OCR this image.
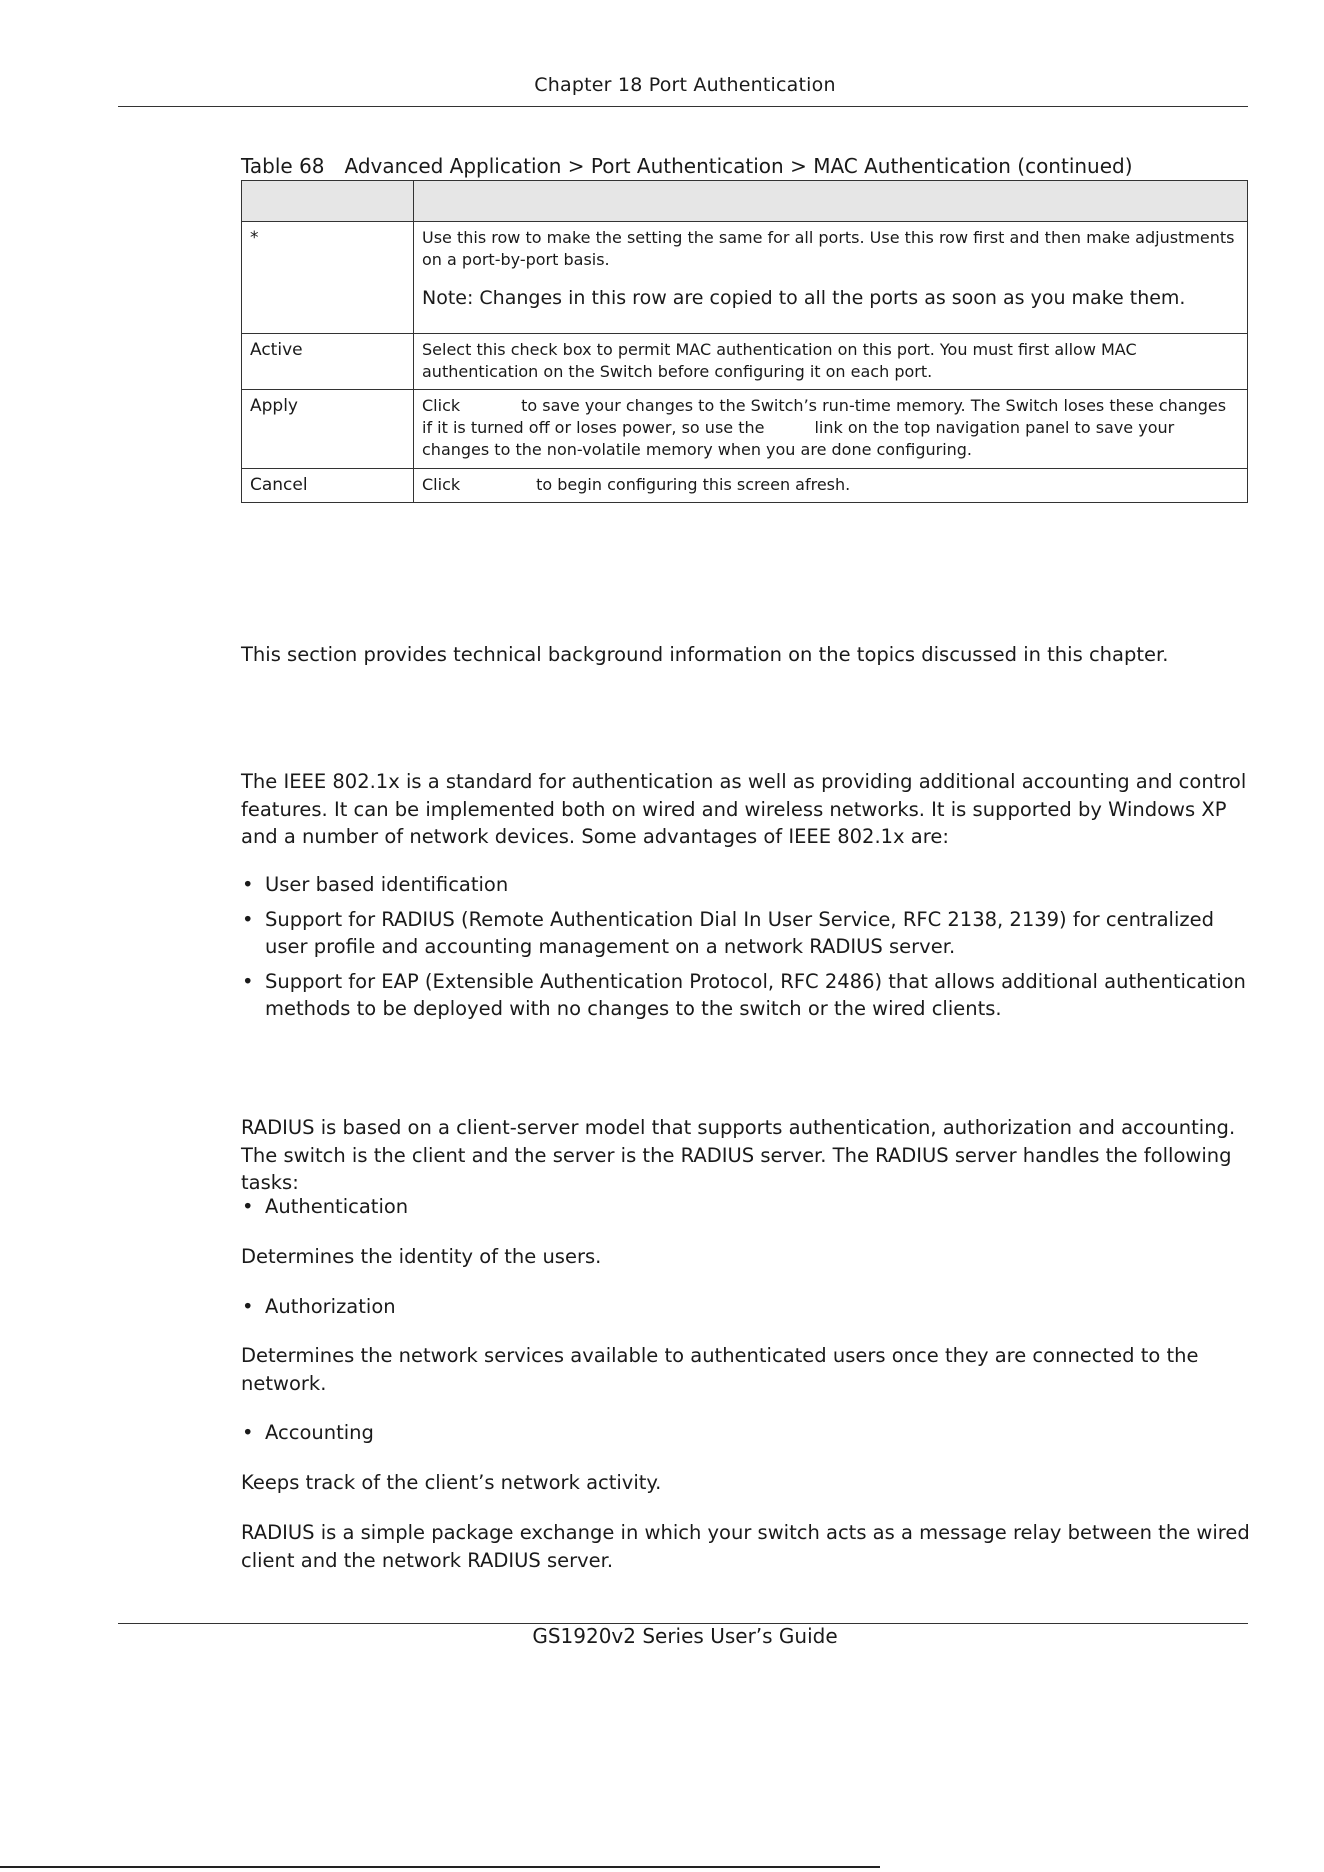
Chapter 18 Port Authentication
Table 68 Advanced Application > Port Authentication > MAC Authentication (continued)

*	Use this row to make the setting the same for all ports. Use this row first and then make adjustments on a port-by-port basis.
Note: Changes in this row are copied to all the ports as soon as you make them.

Active	Select this check box to permit MAC authentication on this port. You must first allow MAC authentication on the Switch before configuring it on each port.
Apply	Click to save your changes to the Switch’s run-time memory. The Switch loses these changes if it is turned off or loses power, so use the link on the top navigation panel to save your changes to the non-volatile memory when you are done configuring.
Cancel	Click to begin configuring this screen afresh.
This section provides technical background information on the topics discussed in this chapter.
The IEEE 802.1x is a standard for authentication as well as providing additional accounting and control features. It can be implemented both on wired and wireless networks. It is supported by Windows XP and a number of network devices. Some advantages of IEEE 802.1x are:
• User based identification
• Support for RADIUS (Remote Authentication Dial In User Service, RFC 2138, 2139) for centralized user profile and accounting management on a network RADIUS server.
• Support for EAP (Extensible Authentication Protocol, RFC 2486) that allows additional authentication methods to be deployed with no changes to the switch or the wired clients.
RADIUS is based on a client-server model that supports authentication, authorization and accounting. The switch is the client and the server is the RADIUS server. The RADIUS server handles the following tasks:
• Authentication
Determines the identity of the users.
• Authorization
Determines the network services available to authenticated users once they are connected to the network.
• Accounting
Keeps track of the client’s network activity.
RADIUS is a simple package exchange in which your switch acts as a message relay between the wired client and the network RADIUS server.
GS1920v2 Series User’s Guide
